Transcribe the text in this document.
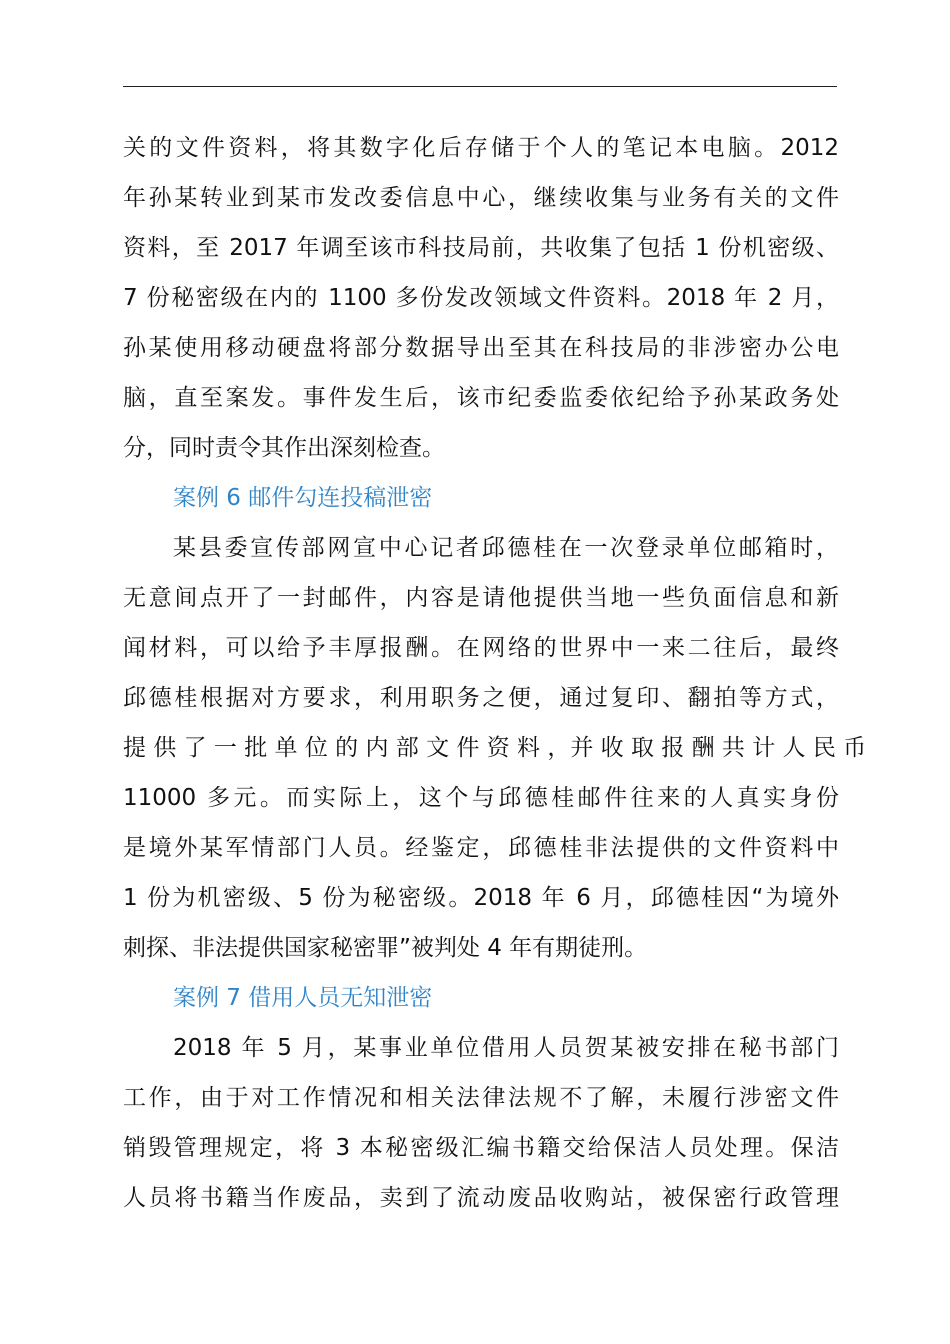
关的文件资料，将其数字化后存储于个人的笔记本电脑。2012
年孙某转业到某市发改委信息中心，继续收集与业务有关的文件
资料，至 2017 年调至该市科技局前，共收集了包括 1 份机密级、
7 份秘密级在内的 1100 多份发改领域文件资料。2018 年 2 月，
孙某使用移动硬盘将部分数据导出至其在科技局的非涉密办公电
脑，直至案发。事件发生后，该市纪委监委依纪给予孙某政务处
分，同时责令其作出深刻检查。
案例 6 邮件勾连投稿泄密
某县委宣传部网宣中心记者邱德桂在一次登录单位邮箱时，
无意间点开了一封邮件，内容是请他提供当地一些负面信息和新
闻材料，可以给予丰厚报酬。在网络的世界中一来二往后，最终
邱德桂根据对方要求，利用职务之便，通过复印、翻拍等方式，
提 供 了 一 批 单 位 的 内 部 文 件 资 料 ，并 收 取 报 酬 共 计 人 民 币
11000 多元。而实际上，这个与邱德桂邮件往来的人真实身份
是境外某军情部门人员。经鉴定，邱德桂非法提供的文件资料中
1 份为机密级、5 份为秘密级。2018 年 6 月，邱德桂因“为境外
刺探、非法提供国家秘密罪”被判处 4 年有期徒刑。
案例 7 借用人员无知泄密
2018 年 5 月，某事业单位借用人员贺某被安排在秘书部门
工作，由于对工作情况和相关法律法规不了解，未履行涉密文件
销毁管理规定，将 3 本秘密级汇编书籍交给保洁人员处理。保洁
人员将书籍当作废品，卖到了流动废品收购站，被保密行政管理
